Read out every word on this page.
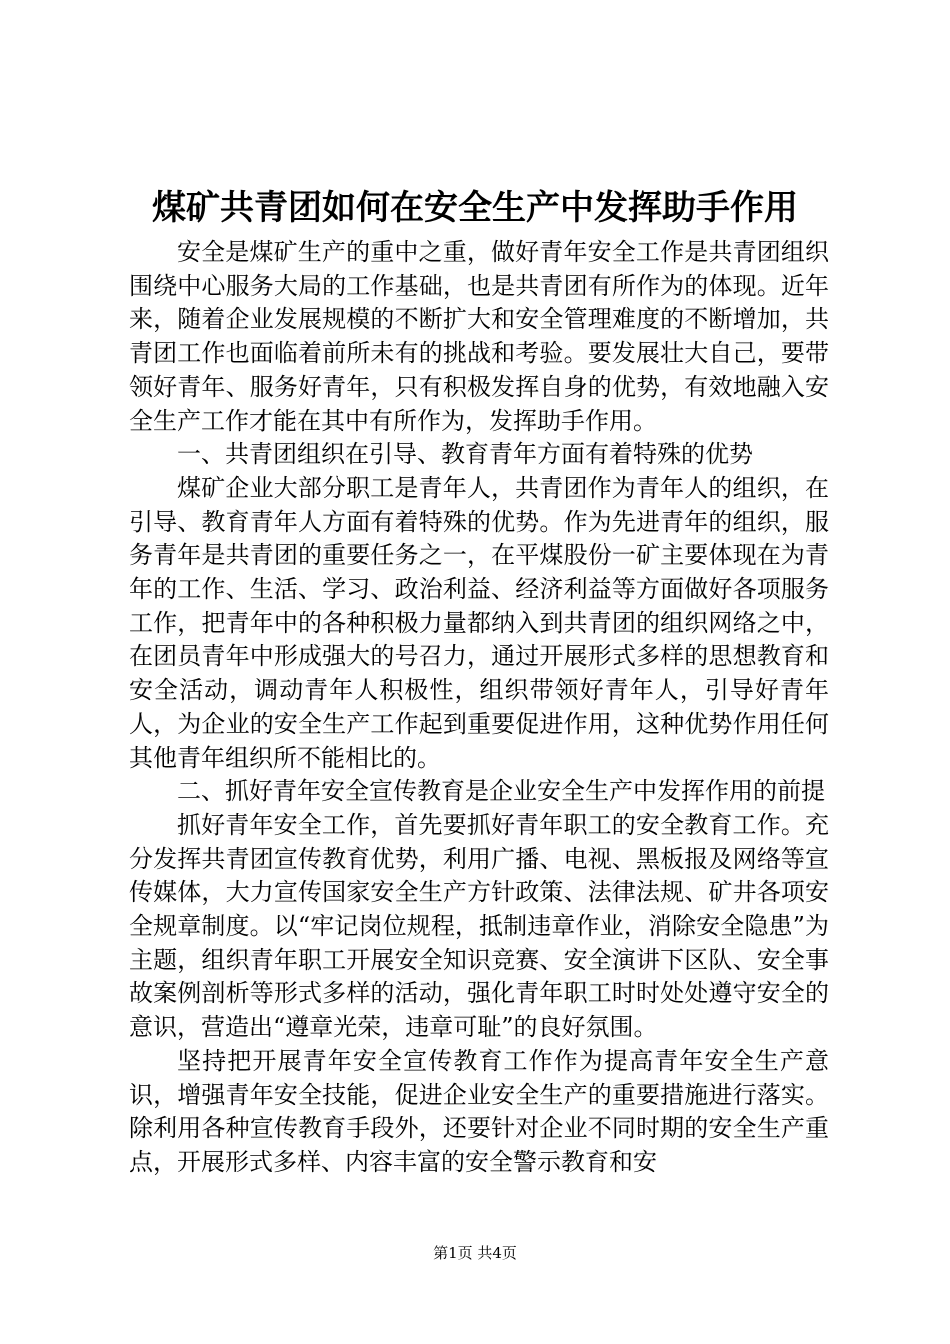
煤矿共青团如何在安全生产中发挥助手作用

安全是煤矿生产的重中之重，做好青年安全工作是共青团组织围绕中心服务大局的工作基础，也是共青团有所作为的体现。近年来，随着企业发展规模的不断扩大和安全管理难度的不断增加，共青团工作也面临着前所未有的挑战和考验。要发展壮大自己，要带领好青年、服务好青年，只有积极发挥自身的优势，有效地融入安全生产工作才能在其中有所作为，发挥助手作用。

一、共青团组织在引导、教育青年方面有着特殊的优势

煤矿企业大部分职工是青年人，共青团作为青年人的组织，在引导、教育青年人方面有着特殊的优势。作为先进青年的组织，服务青年是共青团的重要任务之一，在平煤股份一矿主要体现在为青年的工作、生活、学习、政治利益、经济利益等方面做好各项服务工作，把青年中的各种积极力量都纳入到共青团的组织网络之中，在团员青年中形成强大的号召力，通过开展形式多样的思想教育和安全活动，调动青年人积极性，组织带领好青年人，引导好青年人，为企业的安全生产工作起到重要促进作用，这种优势作用任何其他青年组织所不能相比的。

二、抓好青年安全宣传教育是企业安全生产中发挥作用的前提

抓好青年安全工作，首先要抓好青年职工的安全教育工作。充分发挥共青团宣传教育优势，利用广播、电视、黑板报及网络等宣传媒体，大力宣传国家安全生产方针政策、法律法规、矿井各项安全规章制度。以“牢记岗位规程，抵制违章作业，消除安全隐患”为主题，组织青年职工开展安全知识竞赛、安全演讲下区队、安全事故案例剖析等形式多样的活动，强化青年职工时时处处遵守安全的意识，营造出“遵章光荣，违章可耻”的良好氛围。

坚持把开展青年安全宣传教育工作作为提高青年安全生产意识，增强青年安全技能，促进企业安全生产的重要措施进行落实。除利用各种宣传教育手段外，还要针对企业不同时期的安全生产重点，开展形式多样、内容丰富的安全警示教育和安

第1页 共4页
